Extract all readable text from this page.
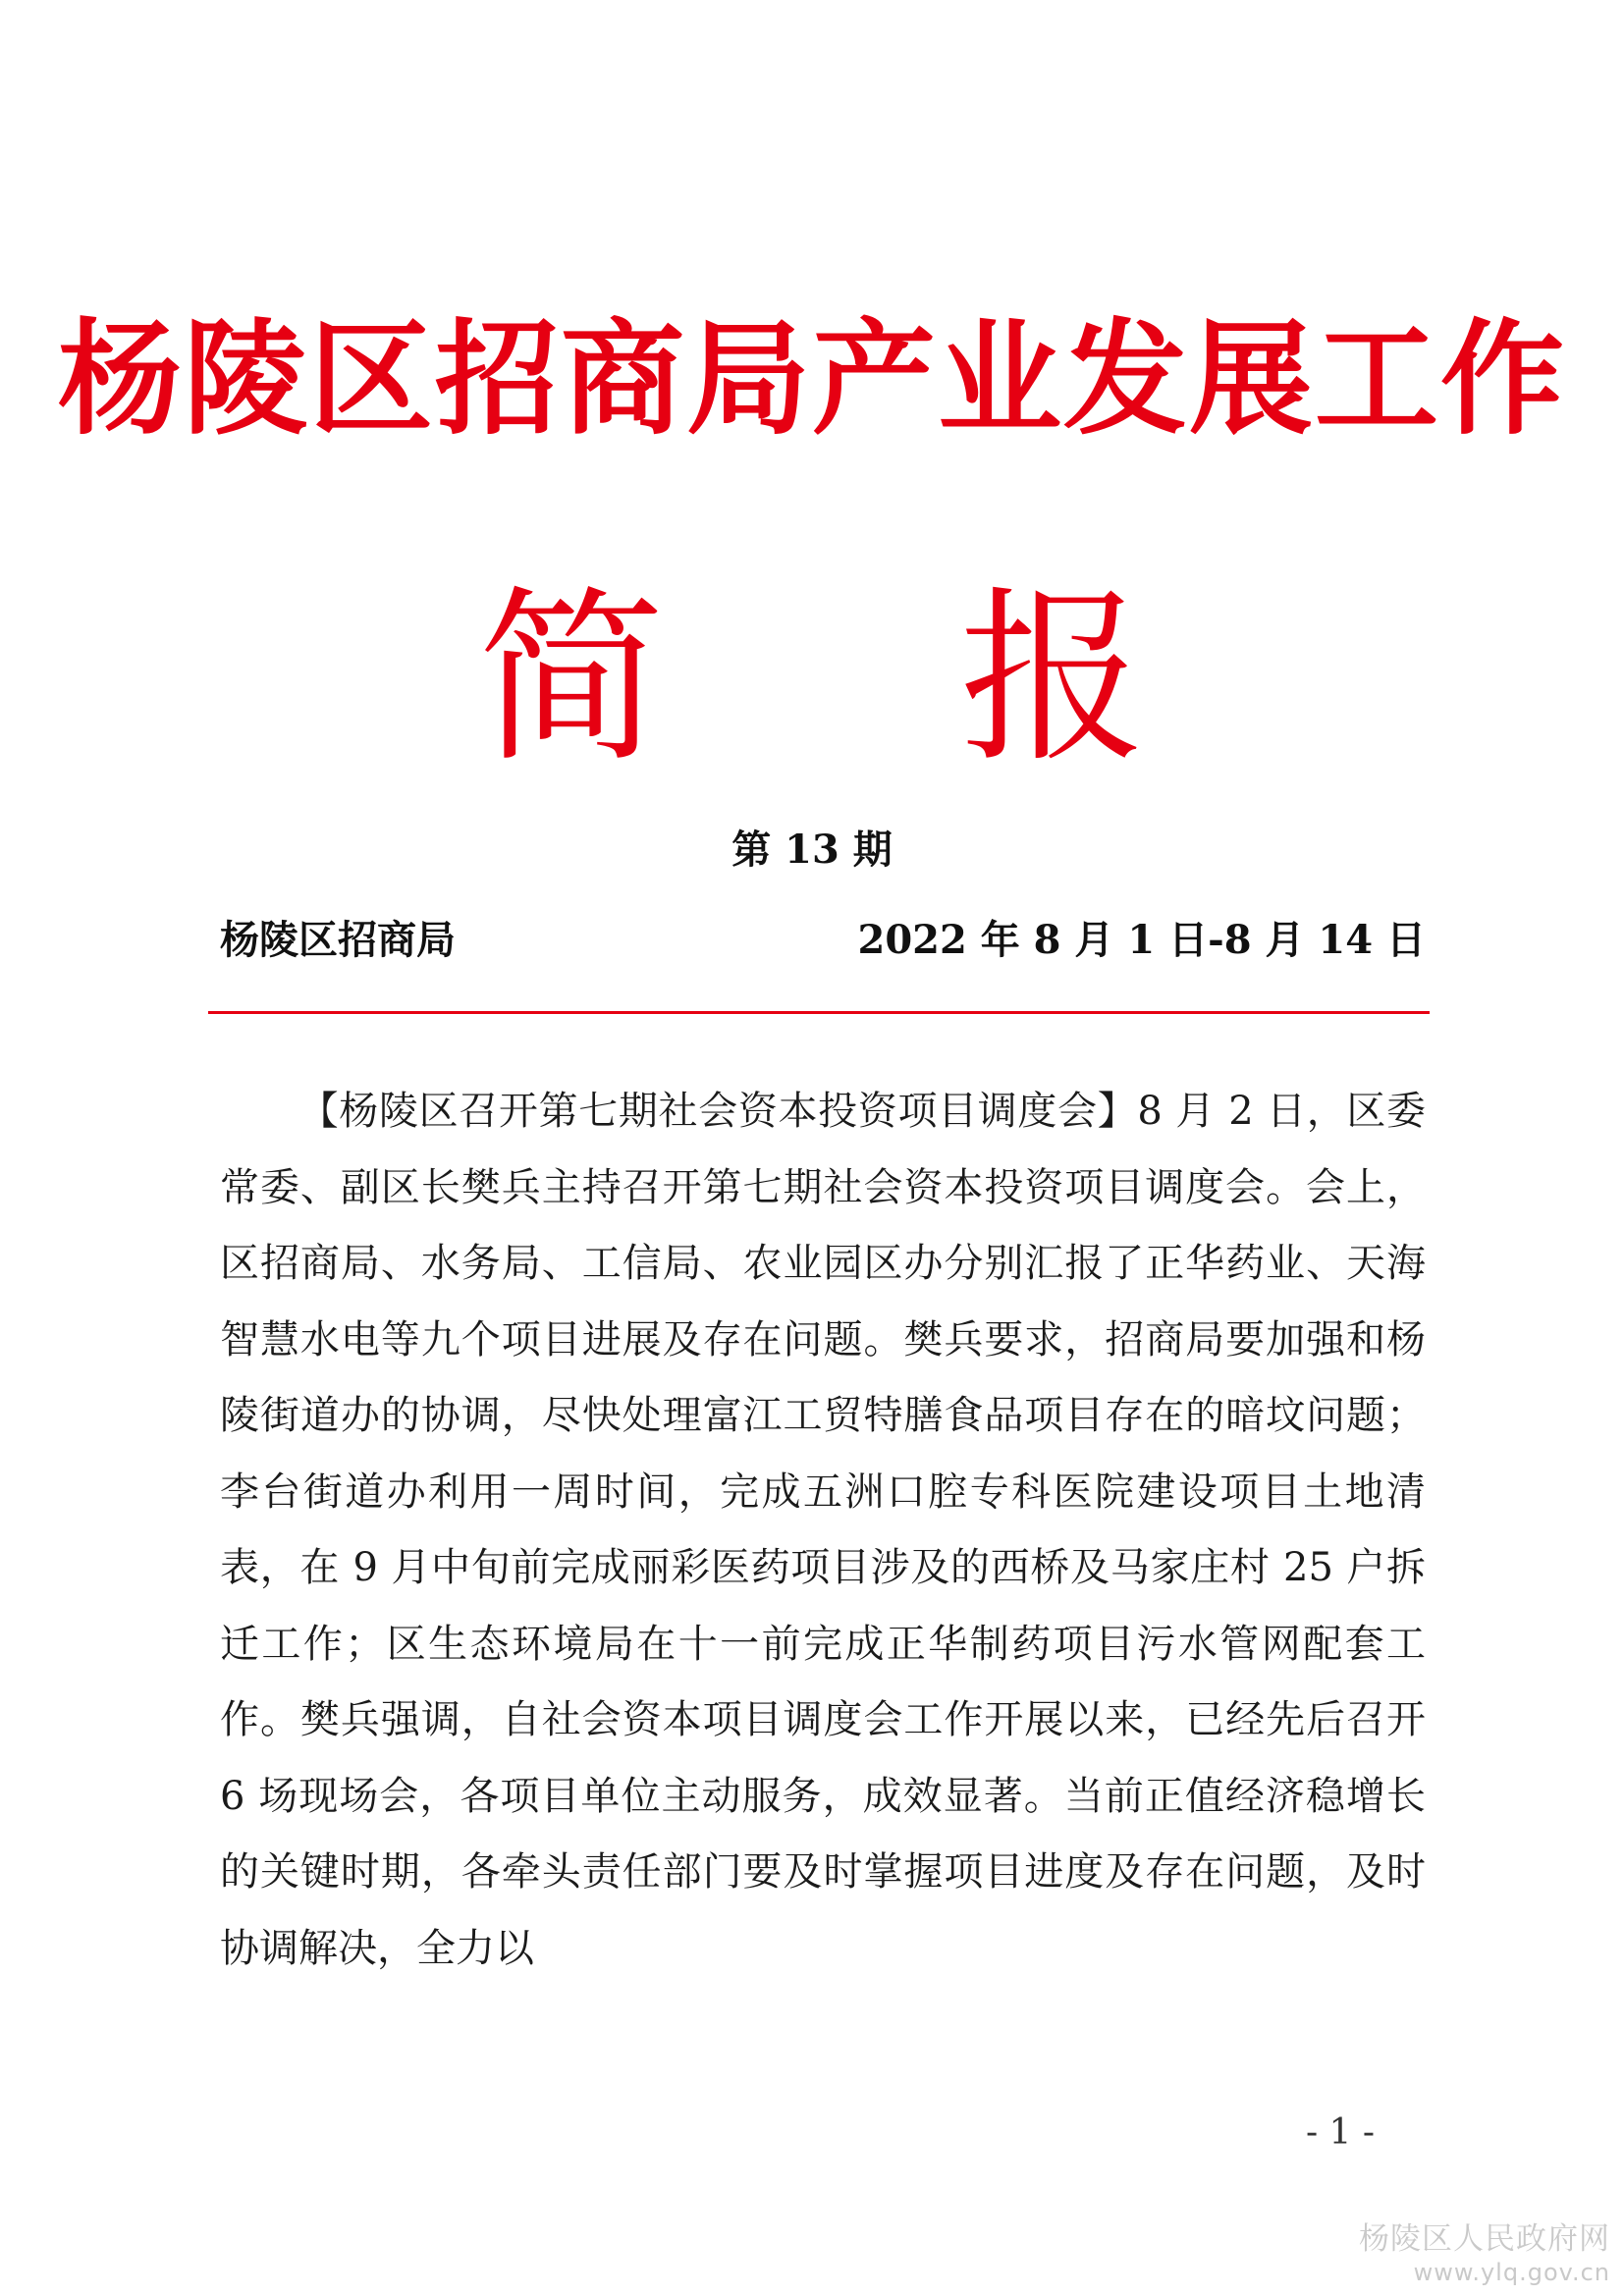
杨陵区招商局产业发展工作
简 报
第 13 期
杨陵区招商局	2022 年 8 月 1 日-8 月 14 日

【杨陵区召开第七期社会资本投资项目调度会】8 月 2 日，区委常委、副区长樊兵主持召开第七期社会资本投资项目调度会。会上，区招商局、水务局、工信局、农业园区办分别汇报了正华药业、天海智慧水电等九个项目进展及存在问题。樊兵要求，招商局要加强和杨陵街道办的协调，尽快处理富江工贸特膳食品项目存在的暗坟问题；李台街道办利用一周时间，完成五洲口腔专科医院建设项目土地清表，在 9 月中旬前完成丽彩医药项目涉及的西桥及马家庄村 25 户拆迁工作；区生态环境局在十一前完成正华制药项目污水管网配套工作。樊兵强调，自社会资本项目调度会工作开展以来，已经先后召开 6 场现场会，各项目单位主动服务，成效显著。当前正值经济稳增长的关键时期，各牵头责任部门要及时掌握项目进度及存在问题，及时协调解决，全力以

- 1 -
杨陵区人民政府网
www.ylq.gov.cn
